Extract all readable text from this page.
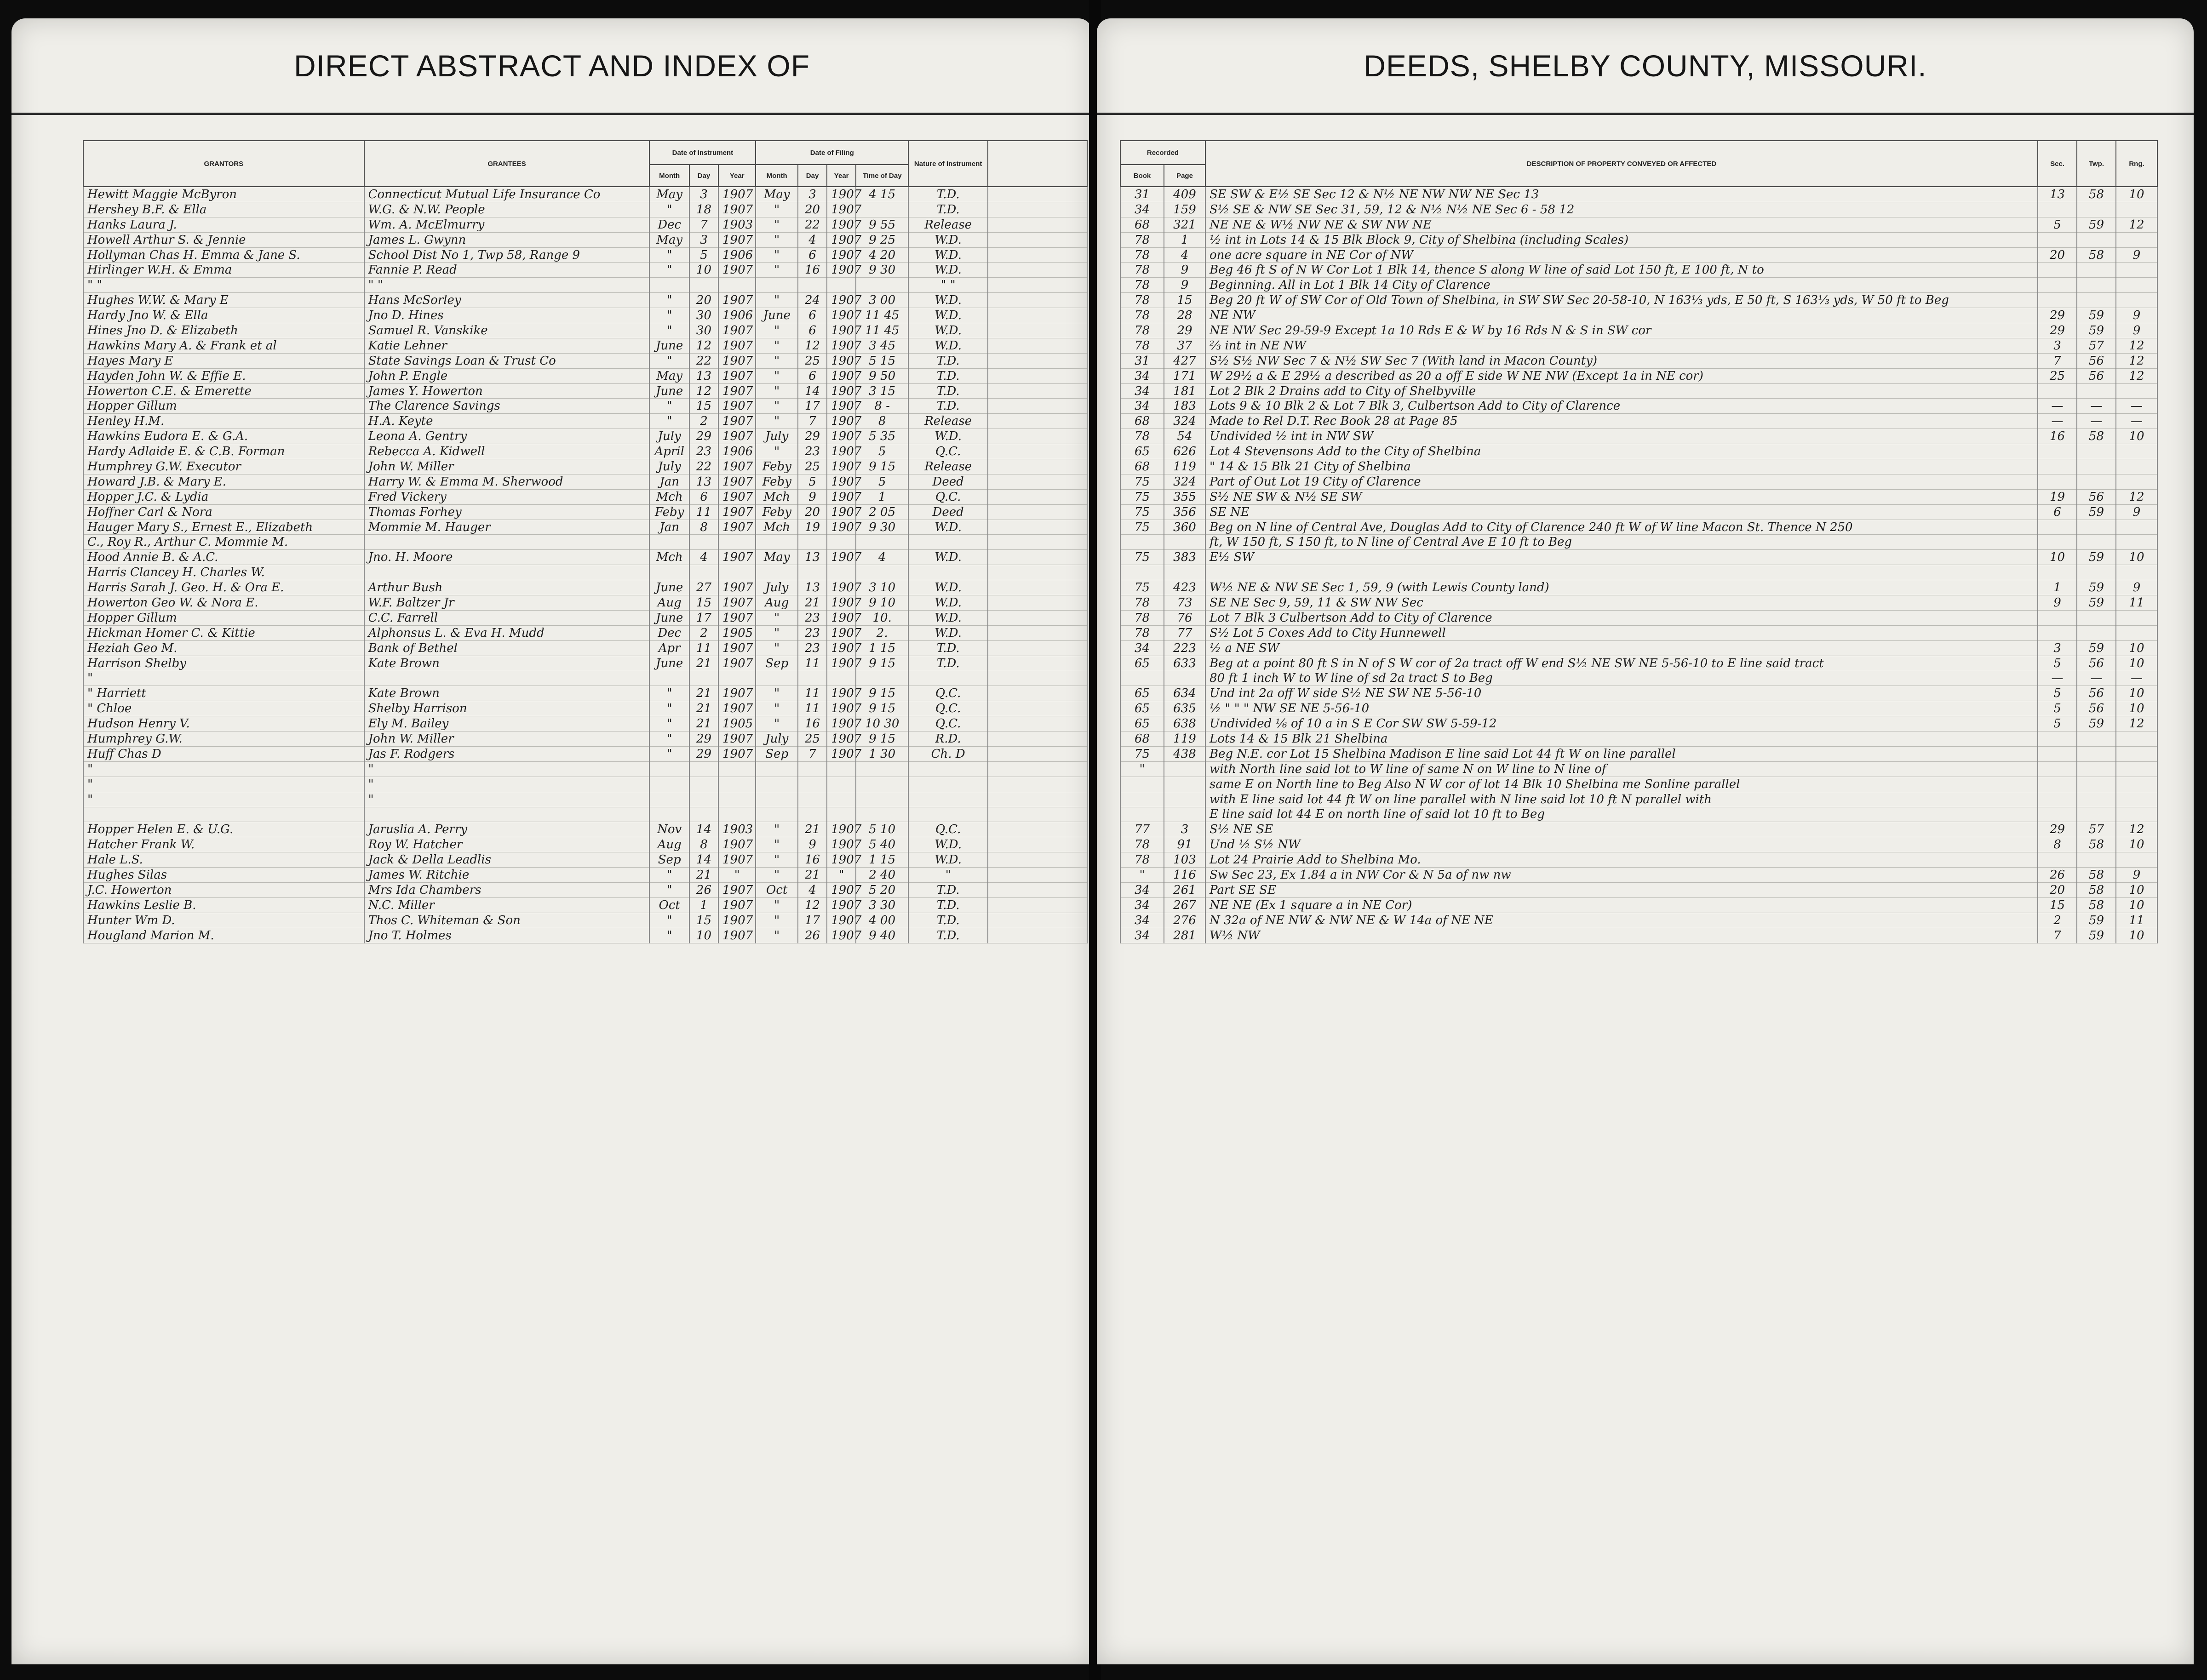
DIRECT ABSTRACT AND INDEX OF
GRANTORS	GRANTEES	Date of Instrument			Date of Filing				Nature of Instrument	
		Month	Day	Year	Month	Day	Year	Time of Day		
Hewitt Maggie McByron	Connecticut Mutual Life Insurance Co	May	3	1907	May	3	1907	4 15	T.D.	
Hershey B.F. & Ella	W.G. & N.W. People	"	18	1907	"	20	1907		T.D.	
Hanks Laura J.	Wm. A. McElmurry	Dec	7	1903	"	22	1907	9 55	Release	
Howell Arthur S. & Jennie	James L. Gwynn	May	3	1907	"	4	1907	9 25	W.D.	
Hollyman Chas H. Emma & Jane S.	School Dist No 1, Twp 58, Range 9	"	5	1906	"	6	1907	4 20	W.D.	
Hirlinger W.H. & Emma	Fannie P. Read	"	10	1907	"	16	1907	9 30	W.D.	
" "	" "								" "	
Hughes W.W. & Mary E	Hans McSorley	"	20	1907	"	24	1907	3 00	W.D.	
Hardy Jno W. & Ella	Jno D. Hines	"	30	1906	June	6	1907	11 45	W.D.	
Hines Jno D. & Elizabeth	Samuel R. Vanskike	"	30	1907	"	6	1907	11 45	W.D.	
Hawkins Mary A. & Frank et al	Katie Lehner	June	12	1907	"	12	1907	3 45	W.D.	
Hayes Mary E	State Savings Loan & Trust Co	"	22	1907	"	25	1907	5 15	T.D.	
Hayden John W. & Effie E.	John P. Engle	May	13	1907	"	6	1907	9 50	T.D.	
Howerton C.E. & Emerette	James Y. Howerton	June	12	1907	"	14	1907	3 15	T.D.	
Hopper Gillum	The Clarence Savings	"	15	1907	"	17	1907	8 -	T.D.	
Henley H.M.	H.A. Keyte	"	2	1907	"	7	1907	8	Release	
Hawkins Eudora E. & G.A.	Leona A. Gentry	July	29	1907	July	29	1907	5 35	W.D.	
Hardy Adlaide E. & C.B. Forman	Rebecca A. Kidwell	April	23	1906	"	23	1907	5	Q.C.	
Humphrey G.W. Executor	John W. Miller	July	22	1907	Feby	25	1907	9 15	Release	
Howard J.B. & Mary E.	Harry W. & Emma M. Sherwood	Jan	13	1907	Feby	5	1907	5	Deed	
Hopper J.C. & Lydia	Fred Vickery	Mch	6	1907	Mch	9	1907	1	Q.C.	
Hoffner Carl & Nora	Thomas Forhey	Feby	11	1907	Feby	20	1907	2 05	Deed	
Hauger Mary S., Ernest E., Elizabeth	Mommie M. Hauger	Jan	8	1907	Mch	19	1907	9 30	W.D.	
C., Roy R., Arthur C. Mommie M.										
Hood Annie B. & A.C.	Jno. H. Moore	Mch	4	1907	May	13	1907	4	W.D.	
Harris Clancey H. Charles W.										
Harris Sarah J. Geo. H. & Ora E.	Arthur Bush	June	27	1907	July	13	1907	3 10	W.D.	
Howerton Geo W. & Nora E.	W.F. Baltzer Jr	Aug	15	1907	Aug	21	1907	9 10	W.D.	
Hopper Gillum	C.C. Farrell	June	17	1907	"	23	1907	10.	W.D.	
Hickman Homer C. & Kittie	Alphonsus L. & Eva H. Mudd	Dec	2	1905	"	23	1907	2.	W.D.	
Heziah Geo M.	Bank of Bethel	Apr	11	1907	"	23	1907	1 15	T.D.	
Harrison Shelby	Kate Brown	June	21	1907	Sep	11	1907	9 15	T.D.	
"										
" Harriett	Kate Brown	"	21	1907	"	11	1907	9 15	Q.C.	
" Chloe	Shelby Harrison	"	21	1907	"	11	1907	9 15	Q.C.	
Hudson Henry V.	Ely M. Bailey	"	21	1905	"	16	1907	10 30	Q.C.	
Humphrey G.W.	John W. Miller	"	29	1907	July	25	1907	9 15	R.D.	
Huff Chas D	Jas F. Rodgers	"	29	1907	Sep	7	1907	1 30	Ch. D	
"	"									
"	"									
"	"									

Hopper Helen E. & U.G.	Jaruslia A. Perry	Nov	14	1903	"	21	1907	5 10	Q.C.	
Hatcher Frank W.	Roy W. Hatcher	Aug	8	1907	"	9	1907	5 40	W.D.	
Hale L.S.	Jack & Della Leadlis	Sep	14	1907	"	16	1907	1 15	W.D.	
Hughes Silas	James W. Ritchie	"	21	"	"	21	"	2 40	"	
J.C. Howerton	Mrs Ida Chambers	"	26	1907	Oct	4	1907	5 20	T.D.	
Hawkins Leslie B.	N.C. Miller	Oct	1	1907	"	12	1907	3 30	T.D.	
Hunter Wm D.	Thos C. Whiteman & Son	"	15	1907	"	17	1907	4 00	T.D.	
Hougland Marion M.	Jno T. Holmes	"	10	1907	"	26	1907	9 40	T.D.	
DEEDS, SHELBY COUNTY, MISSOURI.
Recorded		DESCRIPTION OF PROPERTY CONVEYED OR AFFECTED	Sec.	Twp.	Rng.
Book	Page				
31	409	SE SW & E½ SE Sec 12 & N½ NE NW NW NE Sec 13	13	58	10
34	159	S½ SE & NW SE Sec 31, 59, 12 & N½ N½ NE Sec 6 - 58 12			
68	321	NE NE & W½ NW NE & SW NW NE	5	59	12
78	1	½ int in Lots 14 & 15 Blk Block 9, City of Shelbina (including Scales)			
78	4	one acre square in NE Cor of NW	20	58	9
78	9	Beg 46 ft S of N W Cor Lot 1 Blk 14, thence S along W line of said Lot 150 ft, E 100 ft, N to			
78	9	Beginning. All in Lot 1 Blk 14 City of Clarence			
78	15	Beg 20 ft W of SW Cor of Old Town of Shelbina, in SW SW Sec 20-58-10, N 163⅓ yds, E 50 ft, S 163⅓ yds, W 50 ft to Beg			
78	28	NE NW	29	59	9
78	29	NE NW Sec 29-59-9 Except 1a 10 Rds E & W by 16 Rds N & S in SW cor	29	59	9
78	37	⅔ int in NE NW	3	57	12
31	427	S½ S½ NW Sec 7 & N½ SW Sec 7 (With land in Macon County)	7	56	12
34	171	W 29½ a & E 29½ a described as 20 a off E side W NE NW (Except 1a in NE cor)	25	56	12
34	181	Lot 2 Blk 2 Drains add to City of Shelbyville			
34	183	Lots 9 & 10 Blk 2 & Lot 7 Blk 3, Culbertson Add to City of Clarence	—	—	—
68	324	Made to Rel D.T. Rec Book 28 at Page 85	—	—	—
78	54	Undivided ½ int in NW SW	16	58	10
65	626	Lot 4 Stevensons Add to the City of Shelbina			
68	119	" 14 & 15 Blk 21 City of Shelbina			
75	324	Part of Out Lot 19 City of Clarence			
75	355	S½ NE SW & N½ SE SW	19	56	12
75	356	SE NE	6	59	9
75	360	Beg on N line of Central Ave, Douglas Add to City of Clarence 240 ft W of W line Macon St. Thence N 250			
		ft, W 150 ft, S 150 ft, to N line of Central Ave E 10 ft to Beg			
75	383	E½ SW	10	59	10

75	423	W½ NE & NW SE Sec 1, 59, 9 (with Lewis County land)	1	59	9
78	73	SE NE Sec 9, 59, 11 & SW NW Sec	9	59	11
78	76	Lot 7 Blk 3 Culbertson Add to City of Clarence			
78	77	S½ Lot 5 Coxes Add to City Hunnewell			
34	223	½ a NE SW	3	59	10
65	633	Beg at a point 80 ft S in N of S W cor of 2a tract off W end S½ NE SW NE 5-56-10 to E line said tract	5	56	10
		80 ft 1 inch W to W line of sd 2a tract S to Beg	—	—	—
65	634	Und int 2a off W side S½ NE SW NE 5-56-10	5	56	10
65	635	½ " " " NW SE NE 5-56-10	5	56	10
65	638	Undivided ⅙ of 10 a in S E Cor SW SW 5-59-12	5	59	12
68	119	Lots 14 & 15 Blk 21 Shelbina			
75	438	Beg N.E. cor Lot 15 Shelbina Madison E line said Lot 44 ft W on line parallel			
"		with North line said lot to W line of same N on W line to N line of			
		same E on North line to Beg Also N W cor of lot 14 Blk 10 Shelbina me Sonline parallel			
		with E line said lot 44 ft W on line parallel with N line said lot 10 ft N parallel with			
		E line said lot 44 E on north line of said lot 10 ft to Beg			
77	3	S½ NE SE	29	57	12
78	91	Und ½ S½ NW	8	58	10
78	103	Lot 24 Prairie Add to Shelbina Mo.			
"	116	Sw Sec 23, Ex 1.84 a in NW Cor & N 5a of nw nw	26	58	9
34	261	Part SE SE	20	58	10
34	267	NE NE (Ex 1 square a in NE Cor)	15	58	10
34	276	N 32a of NE NW & NW NE & W 14a of NE NE	2	59	11
34	281	W½ NW	7	59	10
